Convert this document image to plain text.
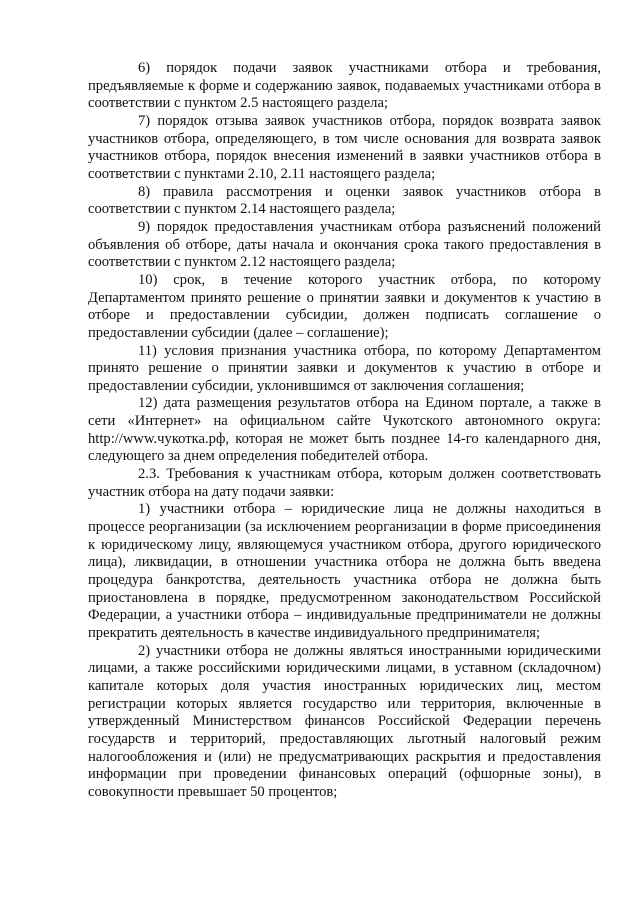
6) порядок подачи заявок участниками отбора и требования, предъявляемые к форме и содержанию заявок, подаваемых участниками отбора в соответствии с пунктом 2.5 настоящего раздела;

7) порядок отзыва заявок участников отбора, порядок возврата заявок участников отбора, определяющего, в том числе основания для возврата заявок участников отбора, порядок внесения изменений в заявки участников отбора в соответствии с пунктами 2.10, 2.11 настоящего раздела;

8) правила рассмотрения и оценки заявок участников отбора в соответствии с пунктом 2.14 настоящего раздела;

9) порядок предоставления участникам отбора разъяснений положений объявления об отборе, даты начала и окончания срока такого предоставления в соответствии с пунктом 2.12 настоящего раздела;

10) срок, в течение которого участник отбора, по которому Департаментом принято решение о принятии заявки и документов к участию в отборе и предоставлении субсидии, должен подписать соглашение о предоставлении субсидии (далее – соглашение);

11) условия признания участника отбора, по которому Департаментом принято решение о принятии заявки и документов к участию в отборе и предоставлении субсидии, уклонившимся от заключения соглашения;

12) дата размещения результатов отбора на Едином портале, а также в сети «Интернет» на официальном сайте Чукотского автономного округа: http://www.чукотка.рф, которая не может быть позднее 14-го календарного дня, следующего за днем определения победителей отбора.

2.3. Требования к участникам отбора, которым должен соответствовать участник отбора на дату подачи заявки:

1) участники отбора – юридические лица не должны находиться в процессе реорганизации (за исключением реорганизации в форме присоединения к юридическому лицу, являющемуся участником отбора, другого юридического лица), ликвидации, в отношении участника отбора не должна быть введена процедура банкротства, деятельность участника отбора не должна быть приостановлена в порядке, предусмотренном законодательством Российской Федерации, а участники отбора – индивидуальные предприниматели не должны прекратить деятельность в качестве индивидуального предпринимателя;

2) участники отбора не должны являться иностранными юридическими лицами, а также российскими юридическими лицами, в уставном (складочном) капитале которых доля участия иностранных юридических лиц, местом регистрации которых является государство или территория, включенные в утвержденный Министерством финансов Российской Федерации перечень государств и территорий, предоставляющих льготный налоговый режим налогообложения и (или) не предусматривающих раскрытия и предоставления информации при проведении финансовых операций (офшорные зоны), в совокупности превышает 50 процентов;
